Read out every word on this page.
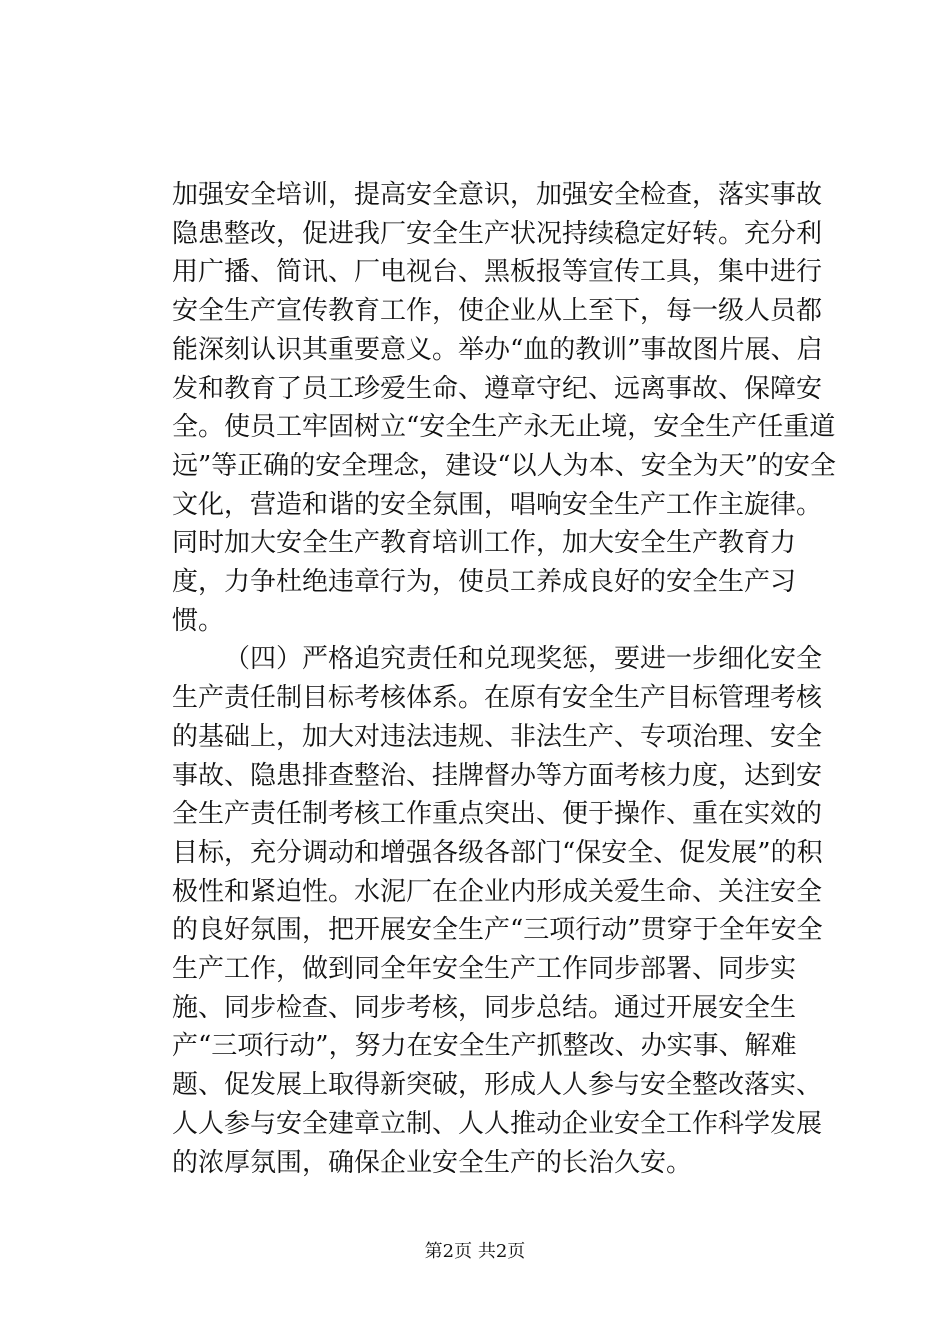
加强安全培训，提高安全意识，加强安全检查，落实事故隐患整改，促进我厂安全生产状况持续稳定好转。充分利用广播、简讯、厂电视台、黑板报等宣传工具，集中进行安全生产宣传教育工作，使企业从上至下，每一级人员都能深刻认识其重要意义。举办“血的教训”事故图片展、启发和教育了员工珍爱生命、遵章守纪、远离事故、保障安全。使员工牢固树立“安全生产永无止境，安全生产任重道远”等正确的安全理念，建设“以人为本、安全为天”的安全文化，营造和谐的安全氛围，唱响安全生产工作主旋律。同时加大安全生产教育培训工作，加大安全生产教育力度，力争杜绝违章行为，使员工养成良好的安全生产习惯。

（四）严格追究责任和兑现奖惩，要进一步细化安全生产责任制目标考核体系。在原有安全生产目标管理考核的基础上，加大对违法违规、非法生产、专项治理、安全事故、隐患排查整治、挂牌督办等方面考核力度，达到安全生产责任制考核工作重点突出、便于操作、重在实效的目标，充分调动和增强各级各部门“保安全、促发展”的积极性和紧迫性。水泥厂在企业内形成关爱生命、关注安全的良好氛围，把开展安全生产“三项行动”贯穿于全年安全生产工作，做到同全年安全生产工作同步部署、同步实施、同步检查、同步考核，同步总结。通过开展安全生产“三项行动”，努力在安全生产抓整改、办实事、解难题、促发展上取得新突破，形成人人参与安全整改落实、人人参与安全建章立制、人人推动企业安全工作科学发展的浓厚氛围，确保企业安全生产的长治久安。

第2页 共2页
